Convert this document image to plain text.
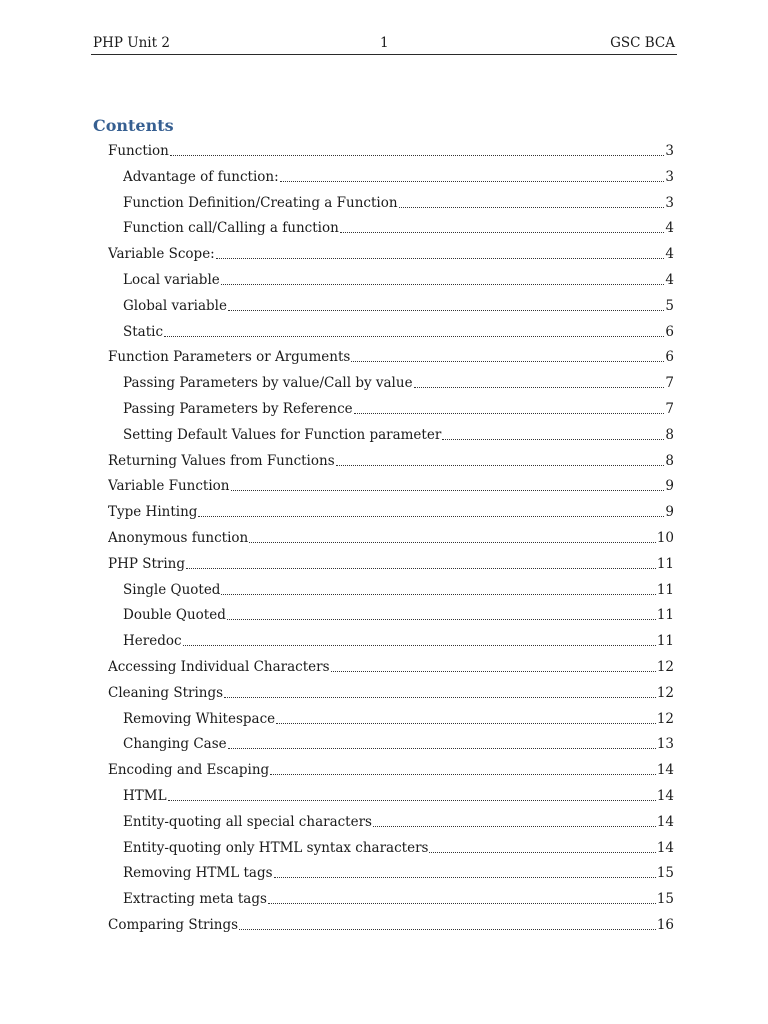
PHP Unit 2	1	GSC BCA
Contents
Function	3
Advantage of function:	3
Function Definition/Creating a Function	3
Function call/Calling a function	4
Variable Scope:	4
Local variable	4
Global variable	5
Static	6
Function Parameters or Arguments	6
Passing Parameters by value/Call by value	7
Passing Parameters by Reference	7
Setting Default Values for Function parameter	8
Returning Values from Functions	8
Variable Function	9
Type Hinting	9
Anonymous function	10
PHP String	11
Single Quoted	11
Double Quoted	11
Heredoc	11
Accessing Individual Characters	12
Cleaning Strings	12
Removing Whitespace	12
Changing Case	13
Encoding and Escaping	14
HTML	14
Entity-quoting all special characters	14
Entity-quoting only HTML syntax characters	14
Removing HTML tags	15
Extracting meta tags	15
Comparing Strings	16
